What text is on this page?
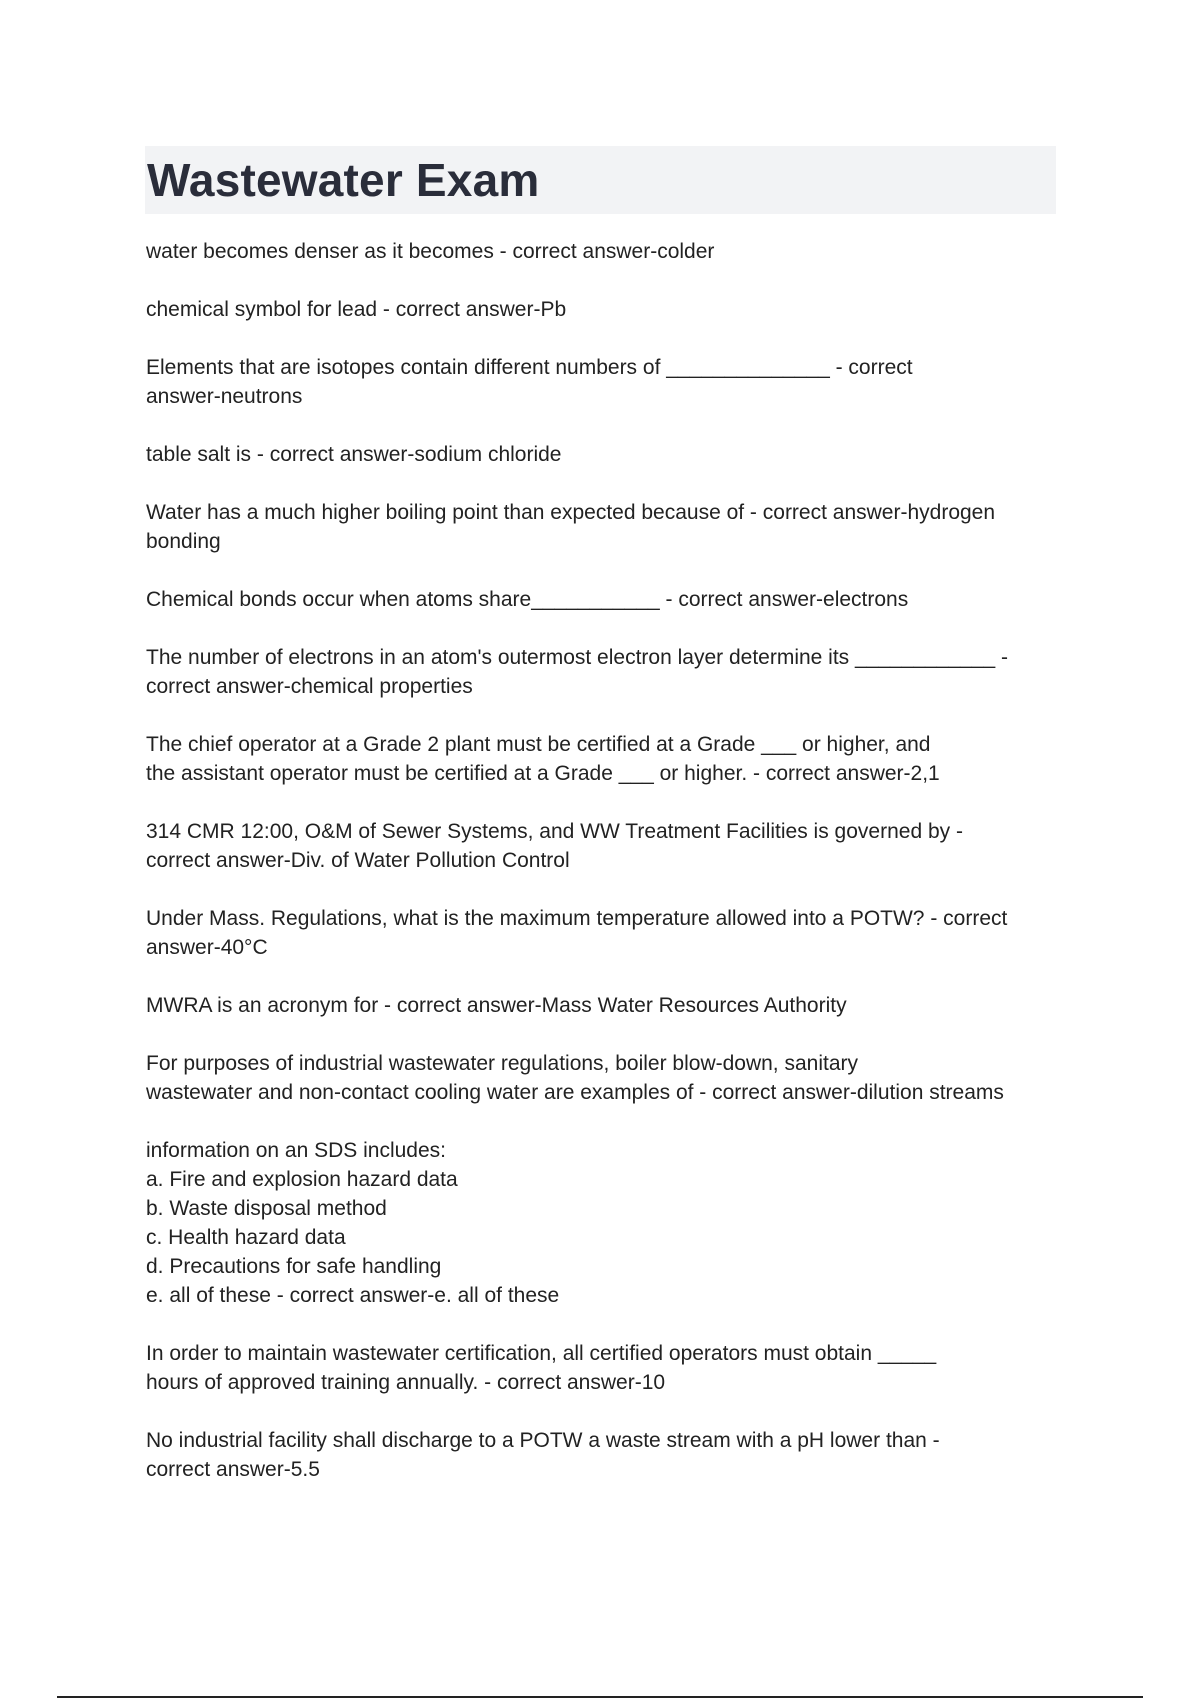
Wastewater Exam

water becomes denser as it becomes - correct answer-colder

chemical symbol for lead - correct answer-Pb

Elements that are isotopes contain different numbers of ______________ - correct
answer-neutrons

table salt is - correct answer-sodium chloride

Water has a much higher boiling point than expected because of - correct answer-hydrogen
bonding

Chemical bonds occur when atoms share___________ - correct answer-electrons

The number of electrons in an atom's outermost electron layer determine its ____________ -
correct answer-chemical properties

The chief operator at a Grade 2 plant must be certified at a Grade ___ or higher, and
the assistant operator must be certified at a Grade ___ or higher. - correct answer-2,1

314 CMR 12:00, O&M of Sewer Systems, and WW Treatment Facilities is governed by -
correct answer-Div. of Water Pollution Control

Under Mass. Regulations, what is the maximum temperature allowed into a POTW? - correct
answer-40°C

MWRA is an acronym for - correct answer-Mass Water Resources Authority

For purposes of industrial wastewater regulations, boiler blow-down, sanitary
wastewater and non-contact cooling water are examples of - correct answer-dilution streams

information on an SDS includes:
a. Fire and explosion hazard data
b. Waste disposal method
c. Health hazard data
d. Precautions for safe handling
e. all of these - correct answer-e. all of these

In order to maintain wastewater certification, all certified operators must obtain _____
hours of approved training annually. - correct answer-10

No industrial facility shall discharge to a POTW a waste stream with a pH lower than -
correct answer-5.5
